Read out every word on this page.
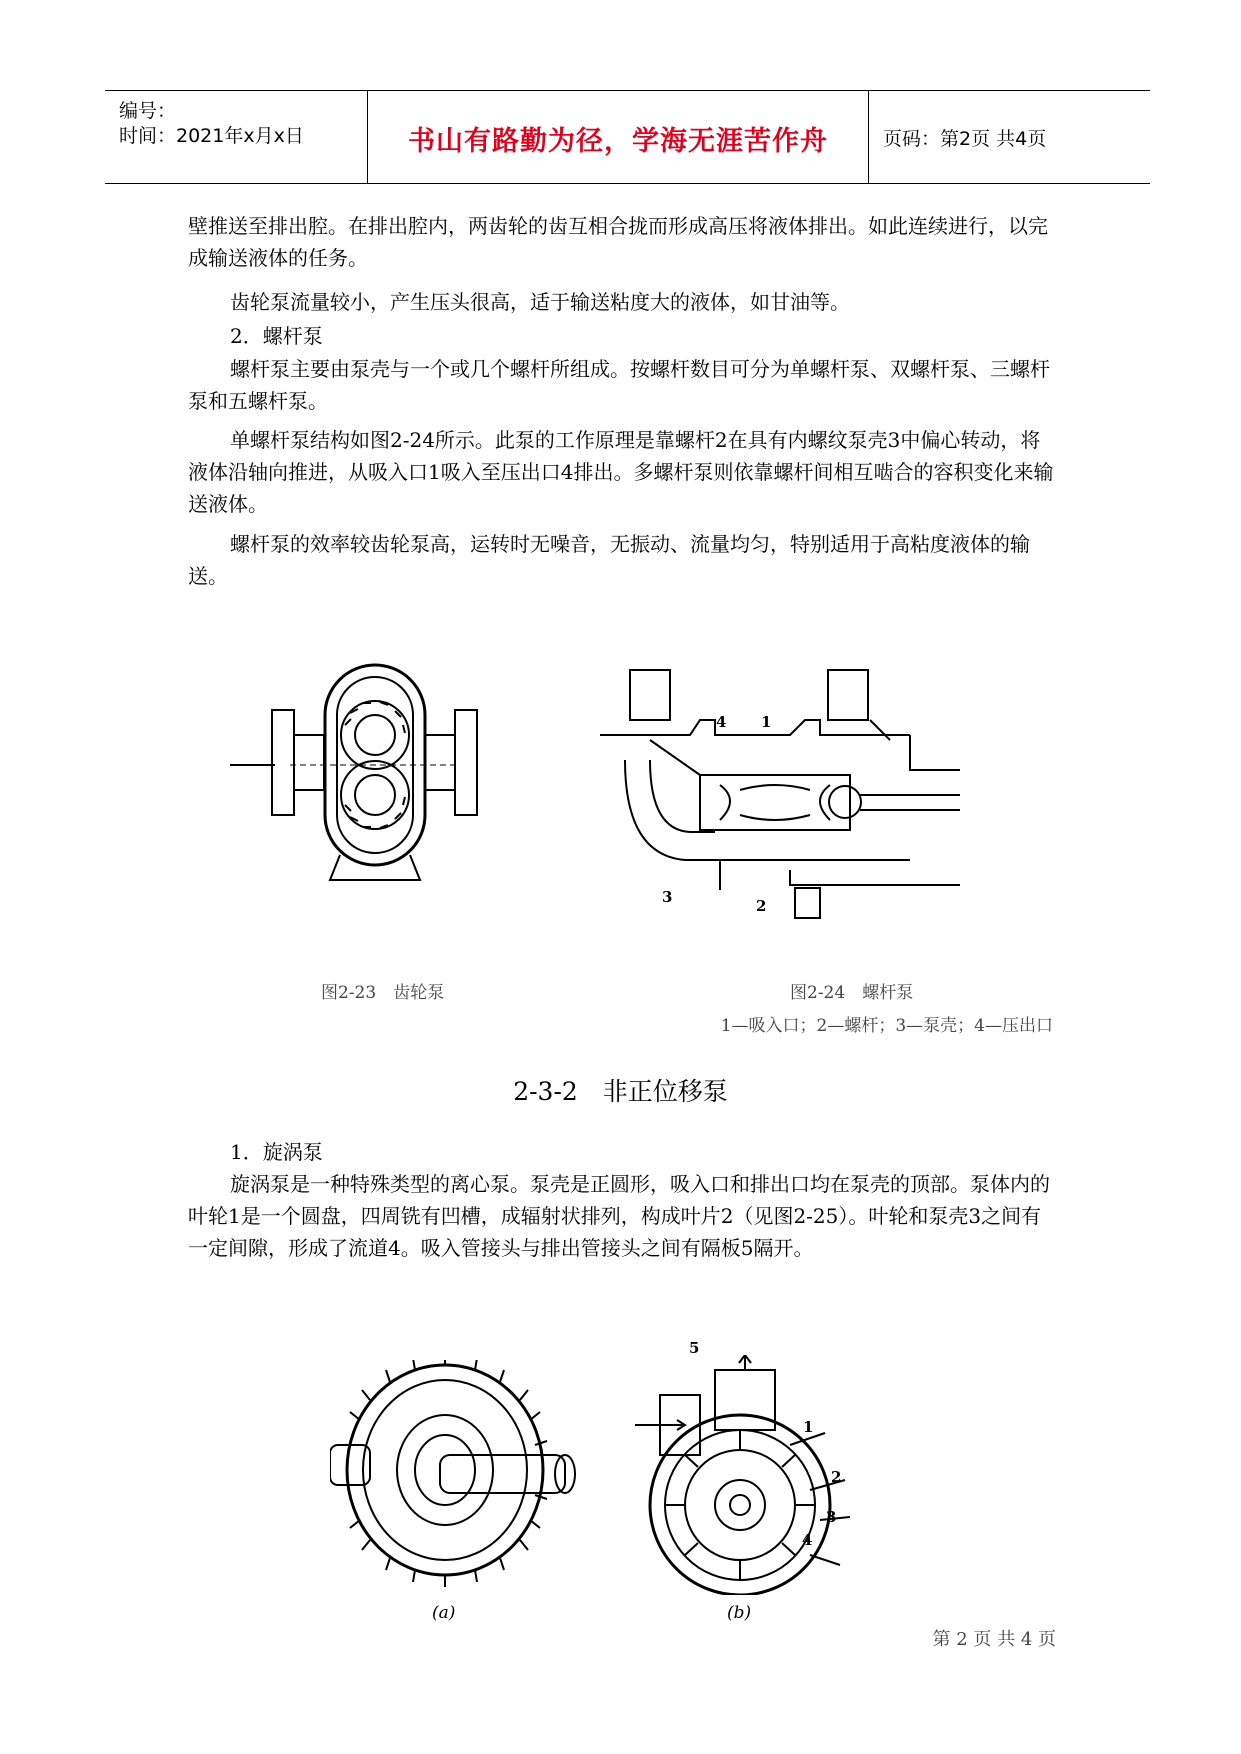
编号：
时间：2021年x月x日	书山有路勤为径，学海无涯苦作舟	页码：第2页 共4页

壁推送至排出腔。在排出腔内，两齿轮的齿互相合拢而形成高压将液体排出。如此连续进行，以完成输送液体的任务。

齿轮泵流量较小，产生压头很高，适于输送粘度大的液体，如甘油等。

2．螺杆泵

螺杆泵主要由泵壳与一个或几个螺杆所组成。按螺杆数目可分为单螺杆泵、双螺杆泵、三螺杆泵和五螺杆泵。

单螺杆泵结构如图2-24所示。此泵的工作原理是靠螺杆2在具有内螺纹泵壳3中偏心转动，将液体沿轴向推进，从吸入口1吸入至压出口4排出。多螺杆泵则依靠螺杆间相互啮合的容积变化来输送液体。

螺杆泵的效率较齿轮泵高，运转时无噪音，无振动、流量均匀，特别适用于高粘度液体的输送。

4 1
3	2
图2-23　齿轮泵	图2-24　螺杆泵
1—吸入口；2—螺杆；3—泵壳；4—压出口
2-3-2　非正位移泵

1．旋涡泵

旋涡泵是一种特殊类型的离心泵。泵壳是正圆形，吸入口和排出口均在泵壳的顶部。泵体内的叶轮1是一个圆盘，四周铣有凹槽，成辐射状排列，构成叶片2（见图2-25）。叶轮和泵壳3之间有一定间隙，形成了流道4。吸入管接头与排出管接头之间有隔板5隔开。

(a)
5
1
2
3
4
(b)
第 2 页 共 4 页
